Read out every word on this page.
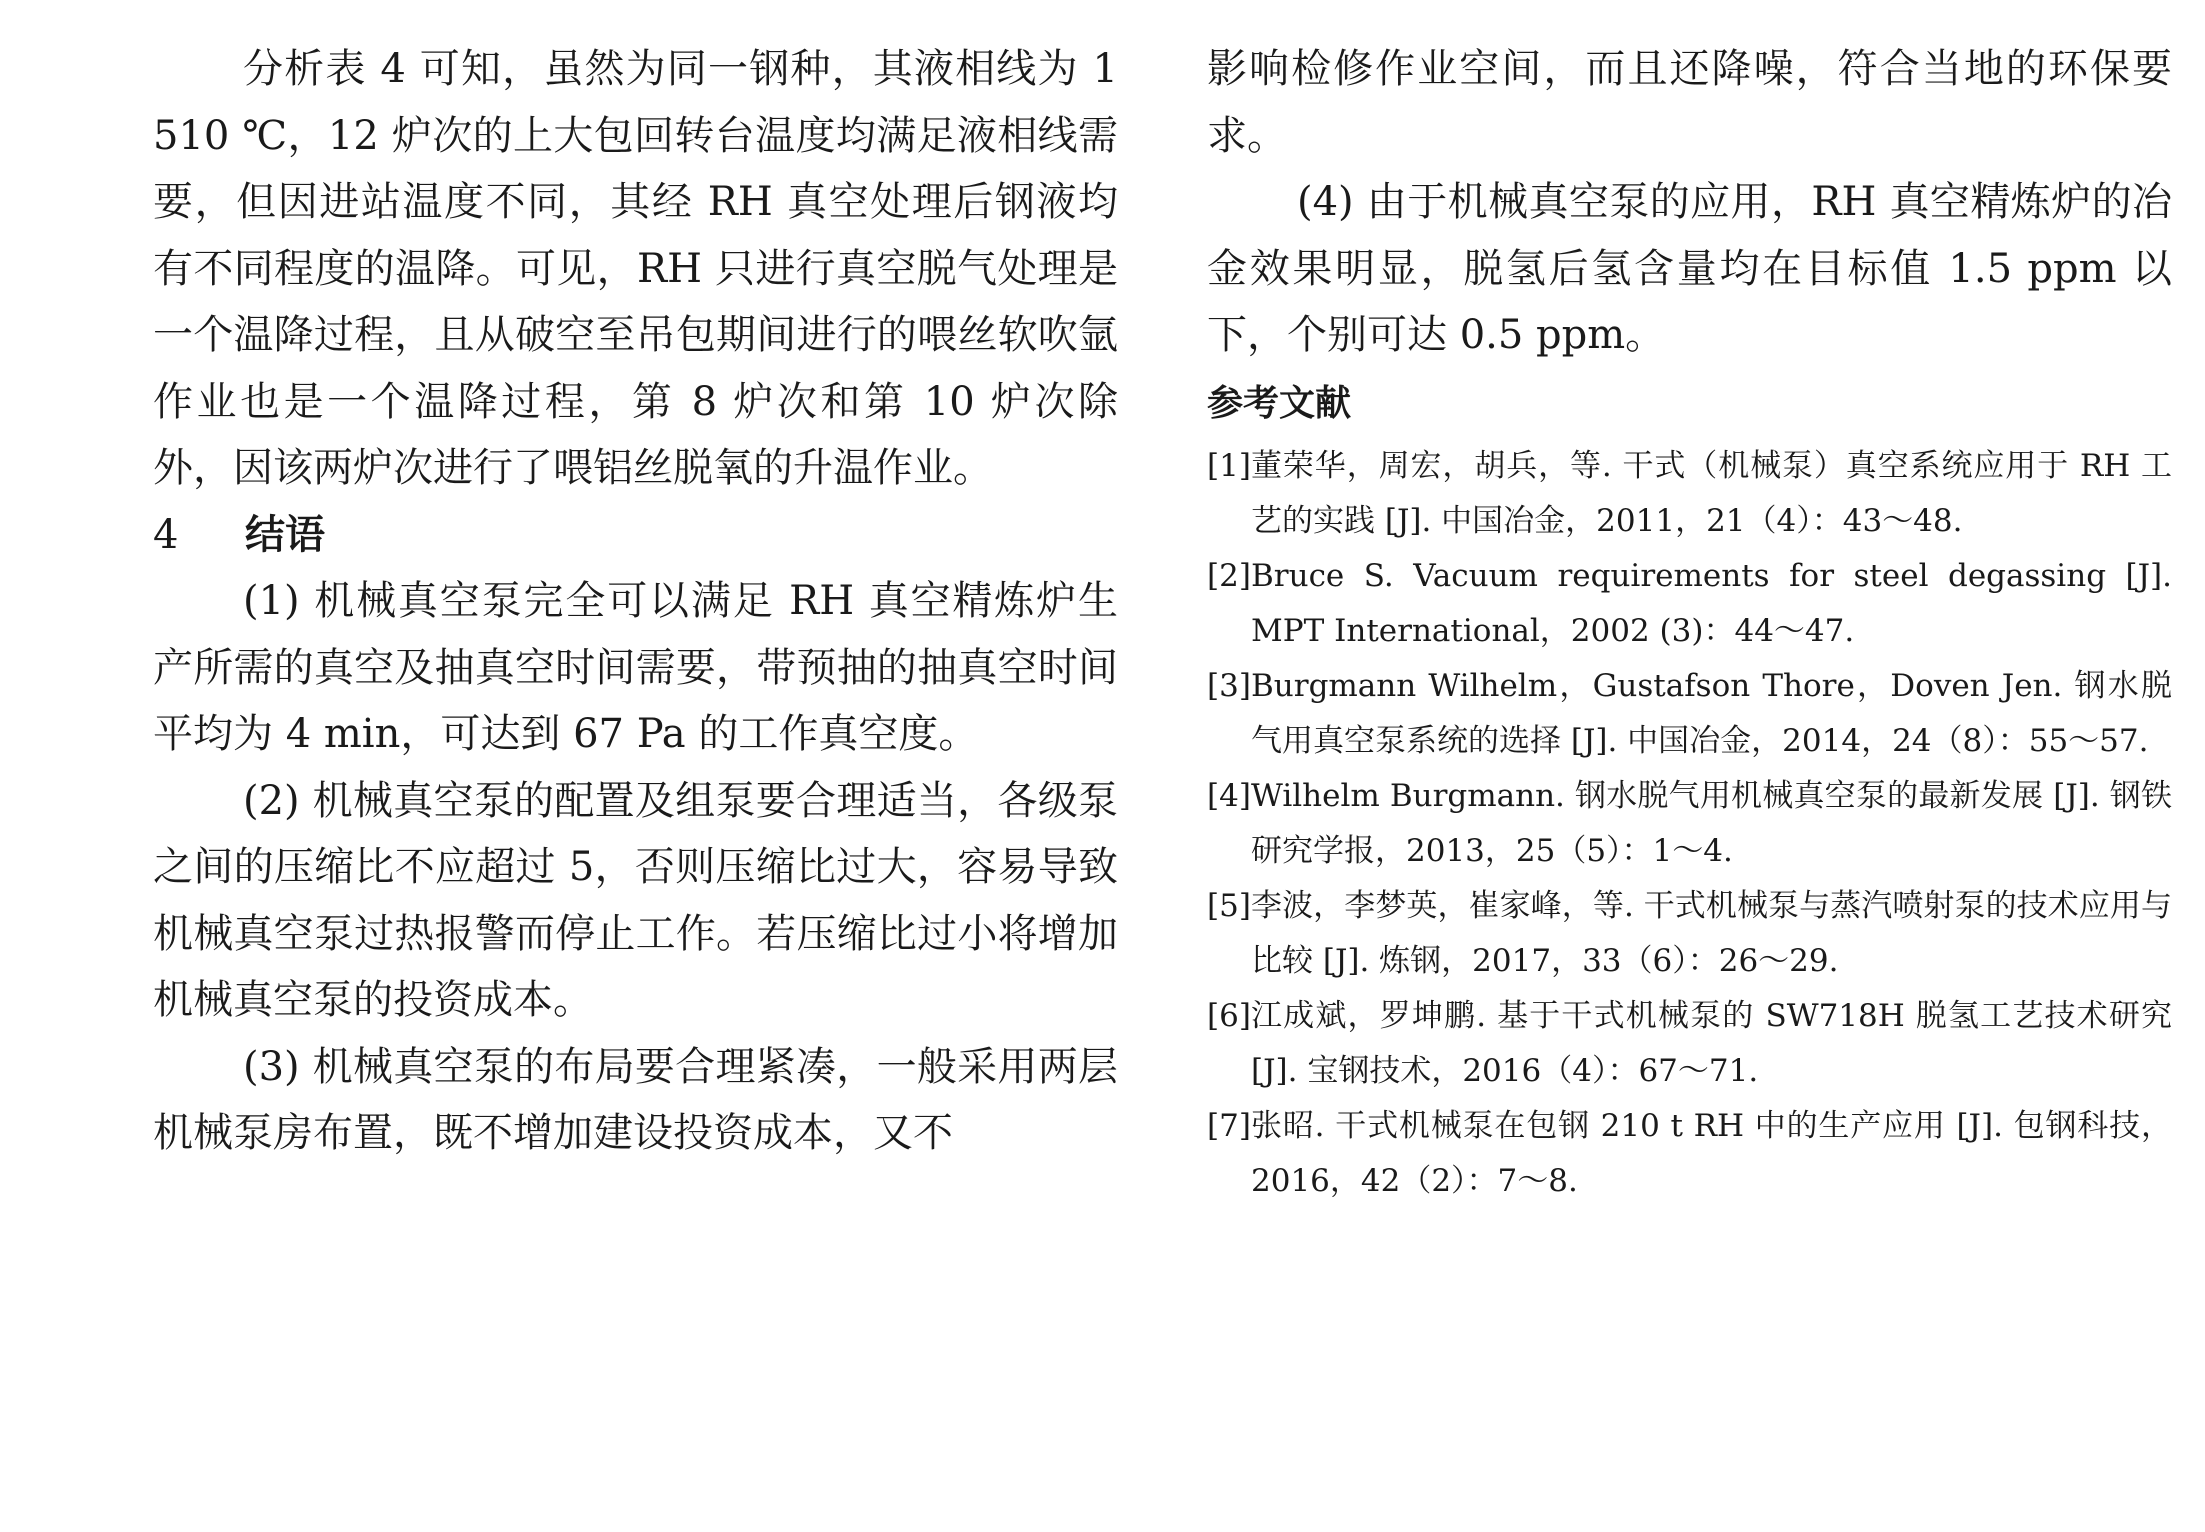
分析表 4 可知，虽然为同一钢种，其液相线为 1 510 ℃，12 炉次的上大包回转台温度均满足液相线需要，但因进站温度不同，其经 RH 真空处理后钢液均有不同程度的温降。可见，RH 只进行真空脱气处理是一个温降过程，且从破空至吊包期间进行的喂丝软吹氩作业也是一个温降过程，第 8 炉次和第 10 炉次除外，因该两炉次进行了喂铝丝脱氧的升温作业。

4 结语

(1) 机械真空泵完全可以满足 RH 真空精炼炉生产所需的真空及抽真空时间需要，带预抽的抽真空时间平均为 4 min，可达到 67 Pa 的工作真空度。

(2) 机械真空泵的配置及组泵要合理适当，各级泵之间的压缩比不应超过 5，否则压缩比过大，容易导致机械真空泵过热报警而停止工作。若压缩比过小将增加机械真空泵的投资成本。

(3) 机械真空泵的布局要合理紧凑，一般采用两层机械泵房布置，既不增加建设投资成本，又不

影响检修作业空间，而且还降噪，符合当地的环保要求。

(4) 由于机械真空泵的应用，RH 真空精炼炉的冶金效果明显，脱氢后氢含量均在目标值 1.5 ppm 以下，个别可达 0.5 ppm。

参考文献

[1] 董荣华，周宏，胡兵，等. 干式（机械泵）真空系统应用于 RH 工艺的实践 [J]. 中国冶金，2011，21（4）：43～48.
[2] Bruce S. Vacuum requirements for steel degassing [J]. MPT International，2002 (3)：44～47.
[3] Burgmann Wilhelm，Gustafson Thore，Doven Jen. 钢水脱气用真空泵系统的选择 [J]. 中国冶金，2014，24（8）：55～57.
[4] Wilhelm Burgmann. 钢水脱气用机械真空泵的最新发展 [J]. 钢铁研究学报，2013，25（5）：1～4.
[5] 李波，李梦英，崔家峰，等. 干式机械泵与蒸汽喷射泵的技术应用与比较 [J]. 炼钢，2017，33（6）：26～29.
[6] 江成斌，罗坤鹏. 基于干式机械泵的 SW718H 脱氢工艺技术研究 [J]. 宝钢技术，2016（4）：67～71.
[7] 张昭. 干式机械泵在包钢 210 t RH 中的生产应用 [J]. 包钢科技，2016，42（2）：7～8.
